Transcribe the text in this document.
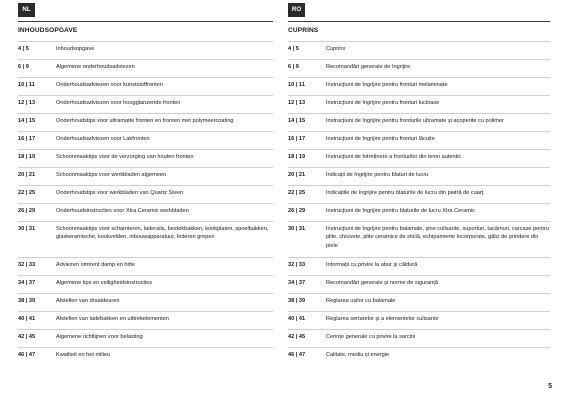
NL
INHOUDSOPGAVE
4 | 5	Inhoudsopgave
6 | 9	Algemene onderhoudsadviezen
10 | 11	Onderhoudsadviezen voor kunststoffronten
12 | 13	Onderhoudsadviezen voor hoogglanzende fronten
14 | 15	Onderhoudstips voor ultramatte fronten en fronten met polymeercoating
16 | 17	Onderhoudsadviezen voor Lakfronten
18 | 19	Schoonmaaktips voor de verzorging van houten fronten
20 | 21	Schoonmaaktips voor werkbladen algemeen
22 | 25	Onderhoudstips voor werkbladen van Quartz Steen
26 | 29	Onderhoudsinstructies voor Xtra Ceramic werkbladen
30 | 31	Schoonmaaktips voor scharnieren, laderails, bestekbakken, kookplaten, spoelbakken, glaskeramische, kookvelden, inbouwapparatuur, lederen grepen
32 | 33	Adviezen omtrent damp en hitte
34 | 37	Algemene tips en veiligheidsinstructies
38 | 39	Afstellen van draaideuren
40 | 41	Afstellen van ladebakken en uittrekelementen
42 | 45	Algemene richtlijnen voor belasting
46 | 47	Kwaliteit en het milieu
RO
CUPRINS
4 | 5	Cuprins
6 | 9	Recomandări generale de îngrijire
10 | 11	Instrucțiuni de îngrijire pentru fronturi melaminate
12 | 13	Instrucțiuni de îngrijire pentru fronturi lucioase
14 | 15	Instrucțiuni de îngrijire pentru fronturile ultramate și acoperite cu polimer
16 | 17	Instrucțiuni de îngrijire pentru fronturi lăcuite
18 | 19	Instrucțiuni de întreținere a fronturilor din lemn autentic
20 | 21	Indicații de îngrijire pentru blaturi de lucru
22 | 25	Indicațiile de îngrijire pentru blaturile de lucru din piatră de cuarț
26 | 29	Instrucțiuni de îngrijire pentru blaturile de lucru Xtra Ceramic
30 | 31	Instrucțiuni de îngrijire pentru balamale, șine culisante, suporturi, tacâmuri, carcase pentru plite, chiuvete, plite ceramice de sticlă, echipamente încorporate, gâlci de prindere din piele
32 | 33	Informații cu privire la abur și căldură
34 | 37	Recomandări generale și norme de siguranță
38 | 39	Reglarea ușilor cu balamale
40 | 41	Reglarea sertarelor și a elementelor culisante
42 | 45	Cerințe generale cu privire la sarcini
46 | 47	Calitate, mediu și energie
5
